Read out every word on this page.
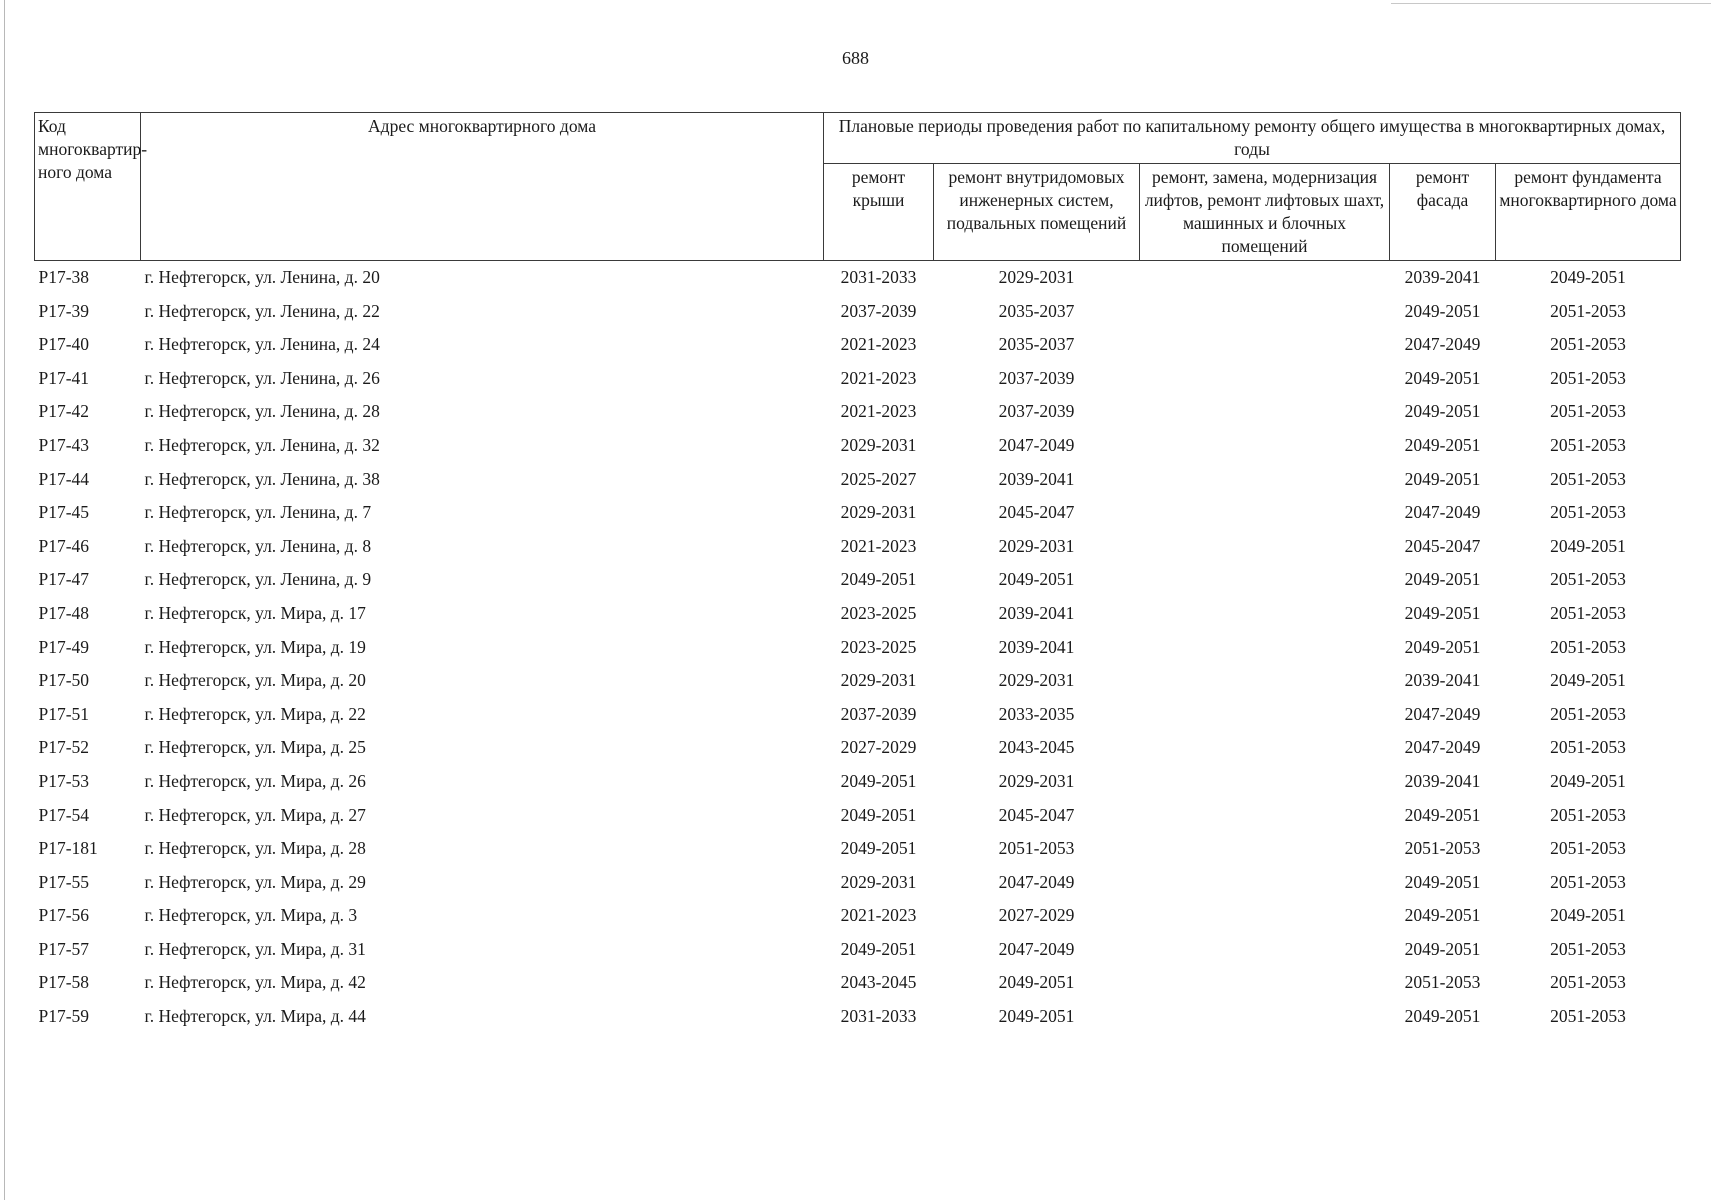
688
Код многоквартир-ного дома	Адрес многоквартирного дома	Плановые периоды проведения работ по капитальному ремонту общего имущества в многоквартирных домах, годы				
		ремонт крыши	ремонт внутридомовых инженерных систем, подвальных помещений	ремонт, замена, модернизация лифтов, ремонт лифтовых шахт, машинных и блочных помещений	ремонт фасада	ремонт фундамента многоквартирного дома
P17-38	г. Нефтегорск, ул. Ленина, д. 20	2031-2033	2029-2031		2039-2041	2049-2051
P17-39	г. Нефтегорск, ул. Ленина, д. 22	2037-2039	2035-2037		2049-2051	2051-2053
P17-40	г. Нефтегорск, ул. Ленина, д. 24	2021-2023	2035-2037		2047-2049	2051-2053
P17-41	г. Нефтегорск, ул. Ленина, д. 26	2021-2023	2037-2039		2049-2051	2051-2053
P17-42	г. Нефтегорск, ул. Ленина, д. 28	2021-2023	2037-2039		2049-2051	2051-2053
P17-43	г. Нефтегорск, ул. Ленина, д. 32	2029-2031	2047-2049		2049-2051	2051-2053
P17-44	г. Нефтегорск, ул. Ленина, д. 38	2025-2027	2039-2041		2049-2051	2051-2053
P17-45	г. Нефтегорск, ул. Ленина, д. 7	2029-2031	2045-2047		2047-2049	2051-2053
P17-46	г. Нефтегорск, ул. Ленина, д. 8	2021-2023	2029-2031		2045-2047	2049-2051
P17-47	г. Нефтегорск, ул. Ленина, д. 9	2049-2051	2049-2051		2049-2051	2051-2053
P17-48	г. Нефтегорск, ул. Мира, д. 17	2023-2025	2039-2041		2049-2051	2051-2053
P17-49	г. Нефтегорск, ул. Мира, д. 19	2023-2025	2039-2041		2049-2051	2051-2053
P17-50	г. Нефтегорск, ул. Мира, д. 20	2029-2031	2029-2031		2039-2041	2049-2051
P17-51	г. Нефтегорск, ул. Мира, д. 22	2037-2039	2033-2035		2047-2049	2051-2053
P17-52	г. Нефтегорск, ул. Мира, д. 25	2027-2029	2043-2045		2047-2049	2051-2053
P17-53	г. Нефтегорск, ул. Мира, д. 26	2049-2051	2029-2031		2039-2041	2049-2051
P17-54	г. Нефтегорск, ул. Мира, д. 27	2049-2051	2045-2047		2049-2051	2051-2053
P17-181	г. Нефтегорск, ул. Мира, д. 28	2049-2051	2051-2053		2051-2053	2051-2053
P17-55	г. Нефтегорск, ул. Мира, д. 29	2029-2031	2047-2049		2049-2051	2051-2053
P17-56	г. Нефтегорск, ул. Мира, д. 3	2021-2023	2027-2029		2049-2051	2049-2051
P17-57	г. Нефтегорск, ул. Мира, д. 31	2049-2051	2047-2049		2049-2051	2051-2053
P17-58	г. Нефтегорск, ул. Мира, д. 42	2043-2045	2049-2051		2051-2053	2051-2053
P17-59	г. Нефтегорск, ул. Мира, д. 44	2031-2033	2049-2051		2049-2051	2051-2053
